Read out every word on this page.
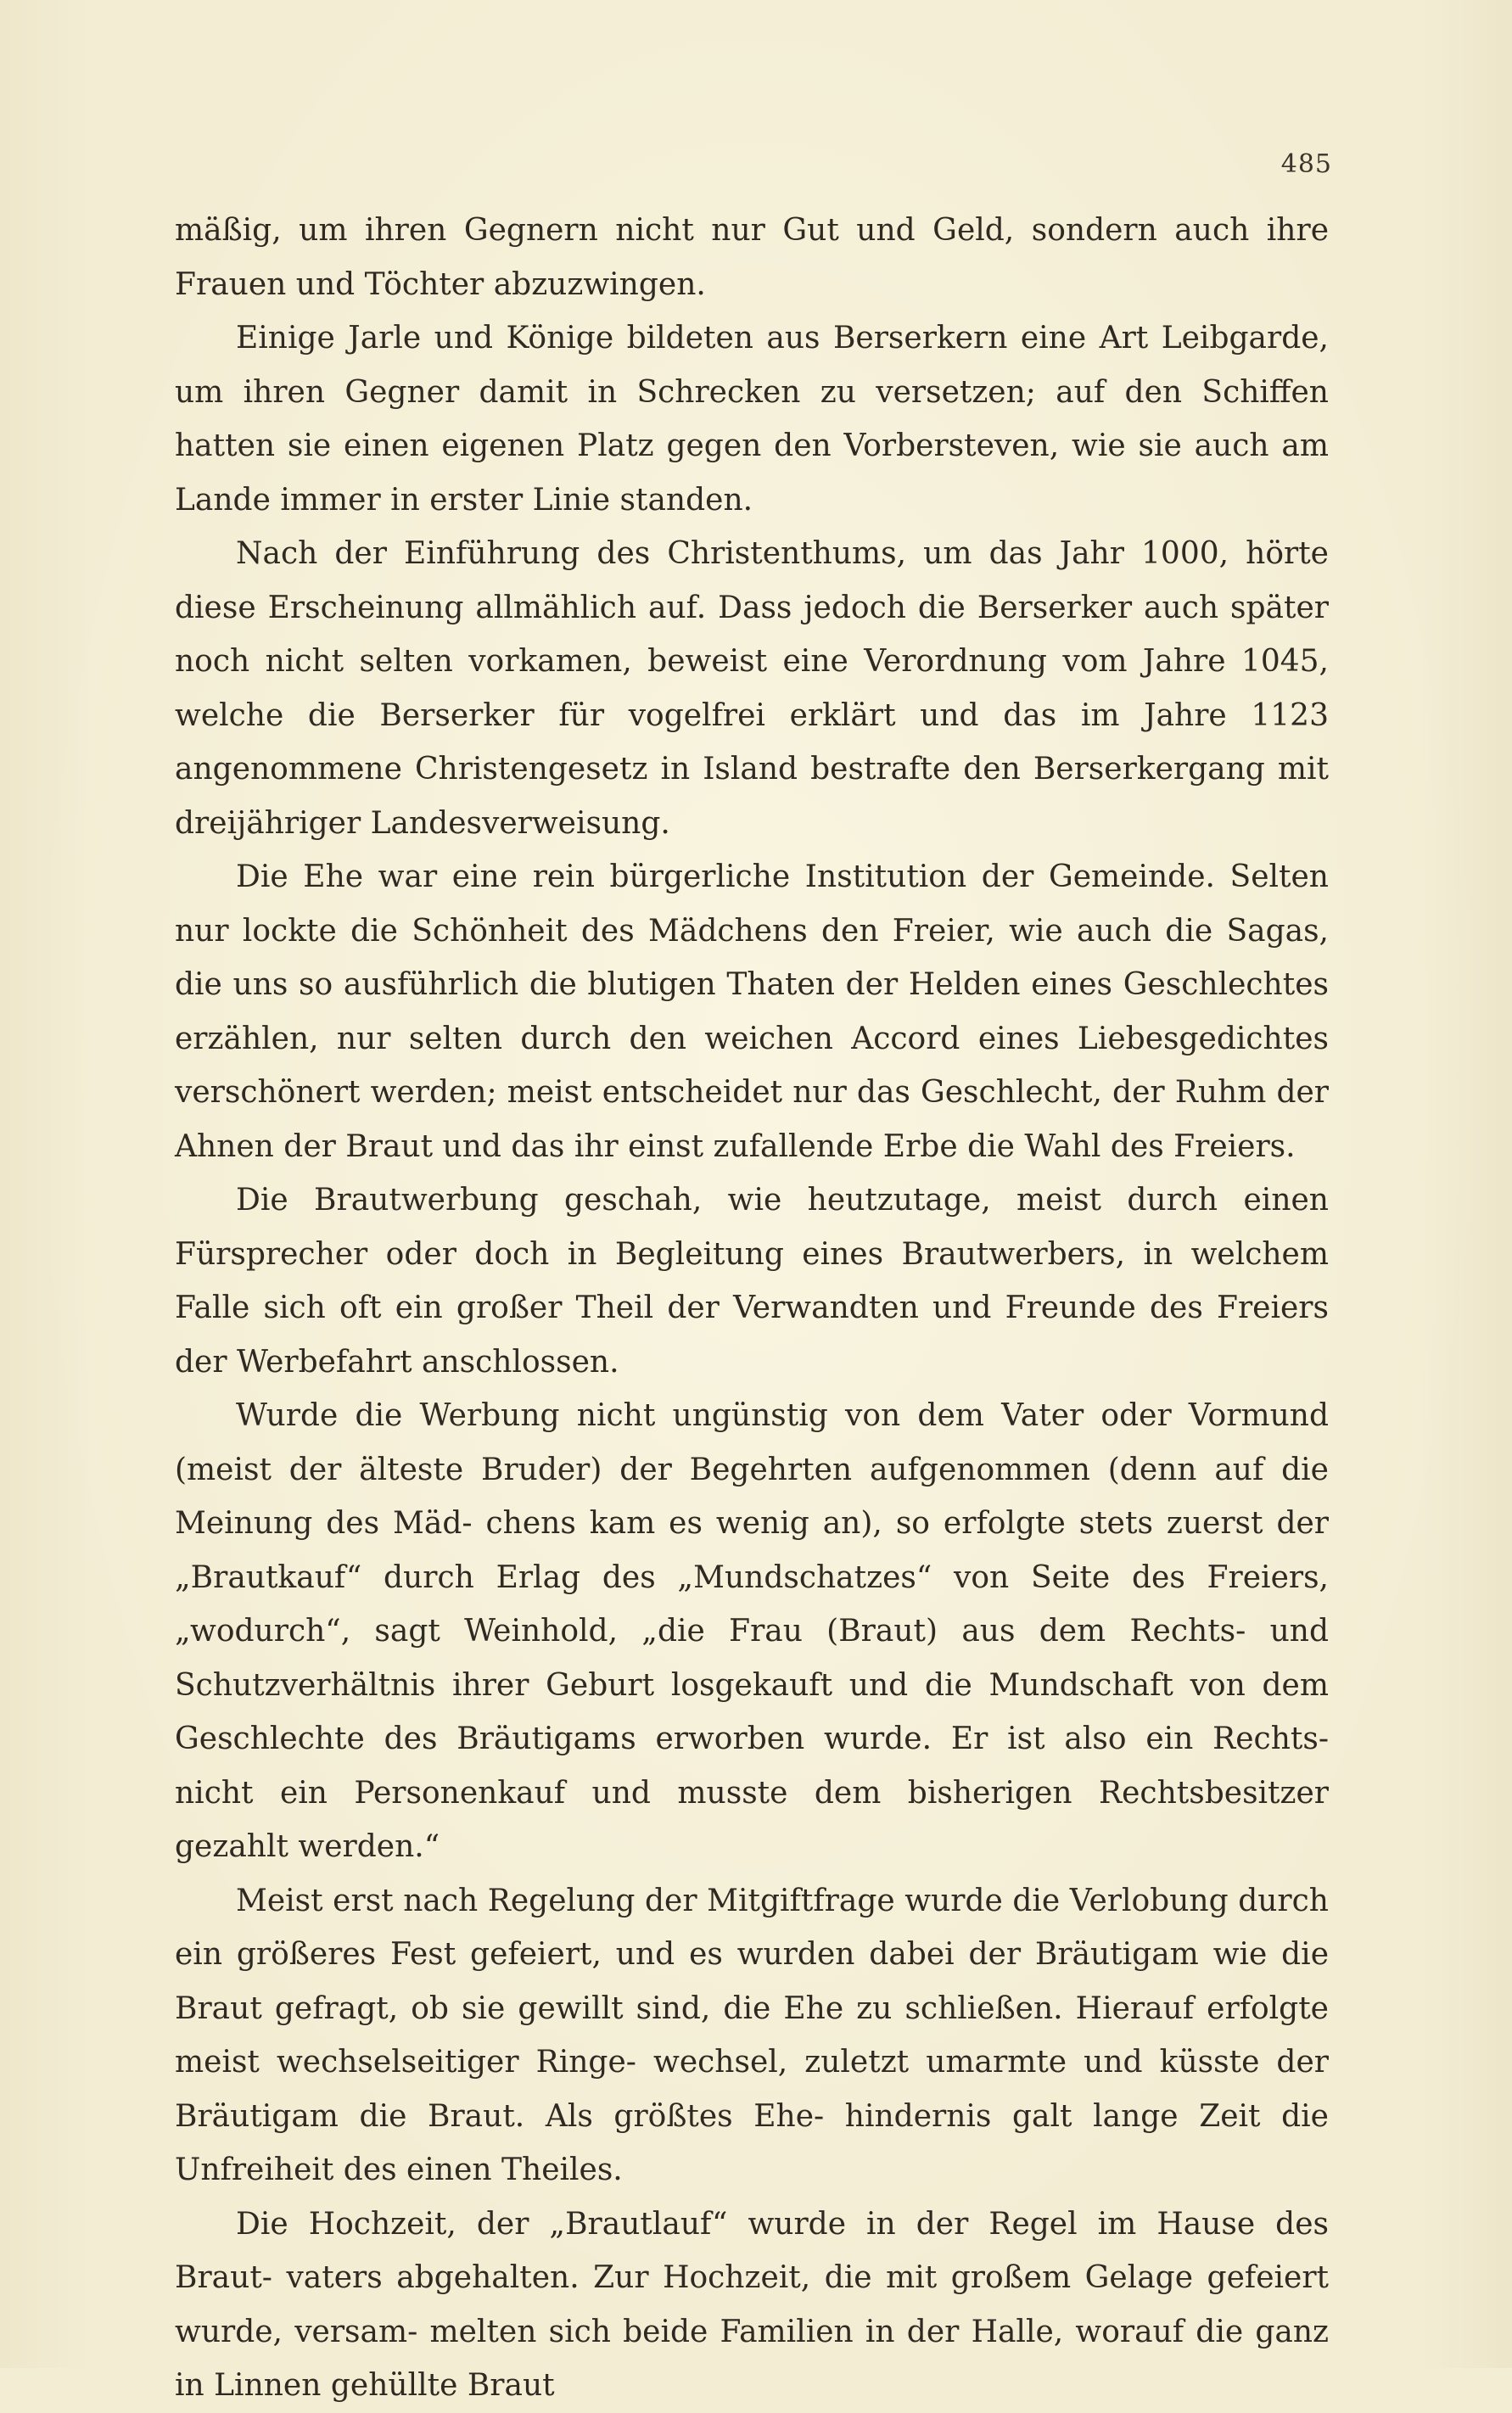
485

mäßig, um ihren Gegnern nicht nur Gut und Geld, sondern auch ihre Frauen und Töchter abzuzwingen.

Einige Jarle und Könige bildeten aus Berserkern eine Art Leibgarde, um ihren Gegner damit in Schrecken zu versetzen; auf den Schiffen hatten sie einen eigenen Platz gegen den Vorbersteven, wie sie auch am Lande immer in erster Linie standen.

Nach der Einführung des Christenthums, um das Jahr 1000, hörte diese Erscheinung allmählich auf. Dass jedoch die Berserker auch später noch nicht selten vorkamen, beweist eine Verordnung vom Jahre 1045, welche die Berserker für vogelfrei erklärt und das im Jahre 1123 angenommene Christengesetz in Island bestrafte den Berserkergang mit dreijähriger Landesverweisung.

Die Ehe war eine rein bürgerliche Institution der Gemeinde. Selten nur lockte die Schönheit des Mädchens den Freier, wie auch die Sagas, die uns so ausführlich die blutigen Thaten der Helden eines Geschlechtes erzählen, nur selten durch den weichen Accord eines Liebesgedichtes verschönert werden; meist entscheidet nur das Geschlecht, der Ruhm der Ahnen der Braut und das ihr einst zufallende Erbe die Wahl des Freiers.

Die Brautwerbung geschah, wie heutzutage, meist durch einen Fürsprecher oder doch in Begleitung eines Brautwerbers, in welchem Falle sich oft ein großer Theil der Verwandten und Freunde des Freiers der Werbefahrt anschlossen.

Wurde die Werbung nicht ungünstig von dem Vater oder Vormund (meist der älteste Bruder) der Begehrten aufgenommen (denn auf die Meinung des Mäd- chens kam es wenig an), so erfolgte stets zuerst der „Brautkauf“ durch Erlag des „Mundschatzes“ von Seite des Freiers, „wodurch“, sagt Weinhold, „die Frau (Braut) aus dem Rechts- und Schutzverhältnis ihrer Geburt losgekauft und die Mundschaft von dem Geschlechte des Bräutigams erworben wurde. Er ist also ein Rechts- nicht ein Personenkauf und musste dem bisherigen Rechtsbesitzer gezahlt werden.“

Meist erst nach Regelung der Mitgiftfrage wurde die Verlobung durch ein größeres Fest gefeiert, und es wurden dabei der Bräutigam wie die Braut gefragt, ob sie gewillt sind, die Ehe zu schließen. Hierauf erfolgte meist wechselseitiger Ringe- wechsel, zuletzt umarmte und küsste der Bräutigam die Braut. Als größtes Ehe- hindernis galt lange Zeit die Unfreiheit des einen Theiles.

Die Hochzeit, der „Brautlauf“ wurde in der Regel im Hause des Braut- vaters abgehalten. Zur Hochzeit, die mit großem Gelage gefeiert wurde, versam- melten sich beide Familien in der Halle, worauf die ganz in Linnen gehüllte Braut
